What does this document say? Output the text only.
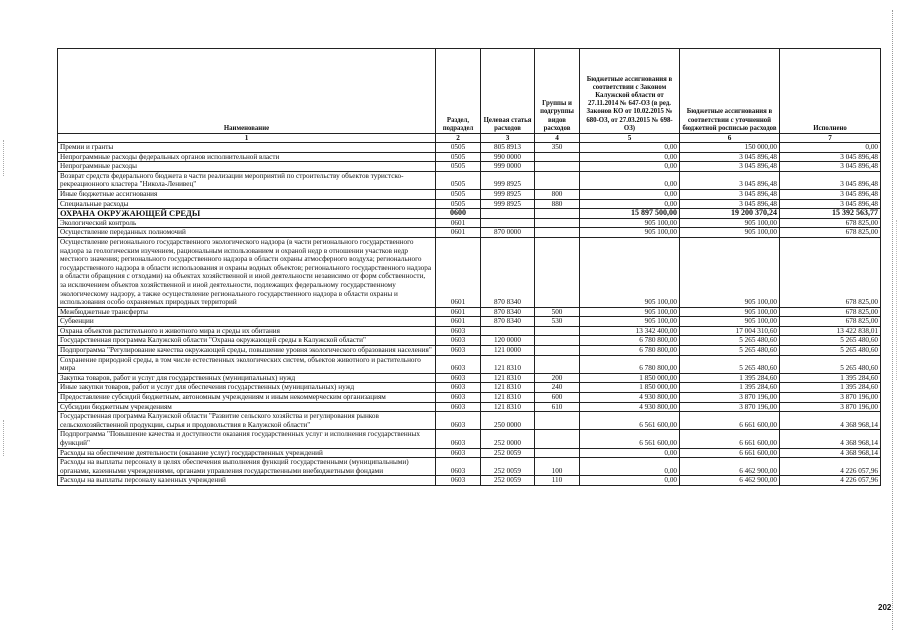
Наименование	Раздел, подраздел	Целевая статья расходов	Группы и подгруппы видов расходов	Бюджетные ассигнования в соответствии с Законом Калужской области от 27.11.2014 № 647-ОЗ (в ред. Законов КО от 10.02.2015 № 680-ОЗ, от 27.03.2015 № 698-ОЗ)	Бюджетные ассигнования в соответствии с уточненной бюджетной росписью расходов	Исполнено
1	2	3	4	5	6	7
Премии и гранты	0505	805 8913	350	0,00	150 000,00	0,00
Непрограммные расходы федеральных органов исполнительной власти	0505	990 0000		0,00	3 045 896,48	3 045 896,48
Непрограммные расходы	0505	999 0000		0,00	3 045 896,48	3 045 896,48
Возврат средств федерального бюджета в части реализации мероприятий по строительству объектов туристско-рекреационного кластера "Никола-Ленивец"	0505	999 8925		0,00	3 045 896,48	3 045 896,48
Иные бюджетные ассигнования	0505	999 8925	800	0,00	3 045 896,48	3 045 896,48
Специальные расходы	0505	999 8925	880	0,00	3 045 896,48	3 045 896,48
ОХРАНА ОКРУЖАЮЩЕЙ СРЕДЫ	0600			15 897 500,00	19 200 370,24	15 392 563,77
Экологический контроль	0601			905 100,00	905 100,00	678 825,00
Осуществление переданных полномочий	0601	870 0000		905 100,00	905 100,00	678 825,00
Осуществление регионального государственного экологического надзора (в части регионального государственного надзора за геологическим изучением, рациональным использованием и охраной недр в отношении участков недр местного значения; регионального государственного надзора в области охраны атмосферного воздуха; регионального государственного надзора в области использования и охраны водных объектов; регионального государственного надзора в области обращения с отходами) на объектах хозяйственной и иной деятельности независимо от форм собственности, за исключением объектов хозяйственной и иной деятельности, подлежащих федеральному государственному экологическому надзору, а также осуществление регионального государственного надзора в области охраны и использования особо охраняемых природных территорий	0601	870 8340		905 100,00	905 100,00	678 825,00
Межбюджетные трансферты	0601	870 8340	500	905 100,00	905 100,00	678 825,00
Субвенции	0601	870 8340	530	905 100,00	905 100,00	678 825,00
Охрана объектов растительного и животного мира и среды их обитания	0603			13 342 400,00	17 004 310,60	13 422 838,01
Государственная программа Калужской области "Охрана окружающей среды в Калужской области"	0603	120 0000		6 780 800,00	5 265 480,60	5 265 480,60
Подпрограмма "Регулирование качества окружающей среды, повышение уровня экологического образования населения"	0603	121 0000		6 780 800,00	5 265 480,60	5 265 480,60
Сохранение природной среды, в том числе естественных экологических систем, объектов животного и растительного мира	0603	121 8310		6 780 800,00	5 265 480,60	5 265 480,60
Закупка товаров, работ и услуг для государственных (муниципальных) нужд	0603	121 8310	200	1 850 000,00	1 395 284,60	1 395 284,60
Иные закупки товаров, работ и услуг для обеспечения государственных (муниципальных) нужд	0603	121 8310	240	1 850 000,00	1 395 284,60	1 395 284,60
Предоставление субсидий бюджетным, автономным учреждениям и иным некоммерческим организациям	0603	121 8310	600	4 930 800,00	3 870 196,00	3 870 196,00
Субсидии бюджетным учреждениям	0603	121 8310	610	4 930 800,00	3 870 196,00	3 870 196,00
Государственная программа Калужской области "Развитие сельского хозяйства и регулирования рынков сельскохозяйственной продукции, сырья и продовольствия в Калужской области"	0603	250 0000		6 561 600,00	6 661 600,00	4 368 968,14
Подпрограмма "Повышение качества и доступности оказания государственных услуг и исполнения государственных функций"	0603	252 0000		6 561 600,00	6 661 600,00	4 368 968,14
Расходы на обеспечение деятельности (оказание услуг) государственных учреждений	0603	252 0059		0,00	6 661 600,00	4 368 968,14
Расходы на выплаты персоналу в целях обеспечения выполнения функций государственными (муниципальными) органами, казенными учреждениями, органами управления государственными внебюджетными фондами	0603	252 0059	100	0,00	6 462 900,00	4 226 057,96
Расходы на выплаты персоналу казенных учреждений	0603	252 0059	110	0,00	6 462 900,00	4 226 057,96
202
